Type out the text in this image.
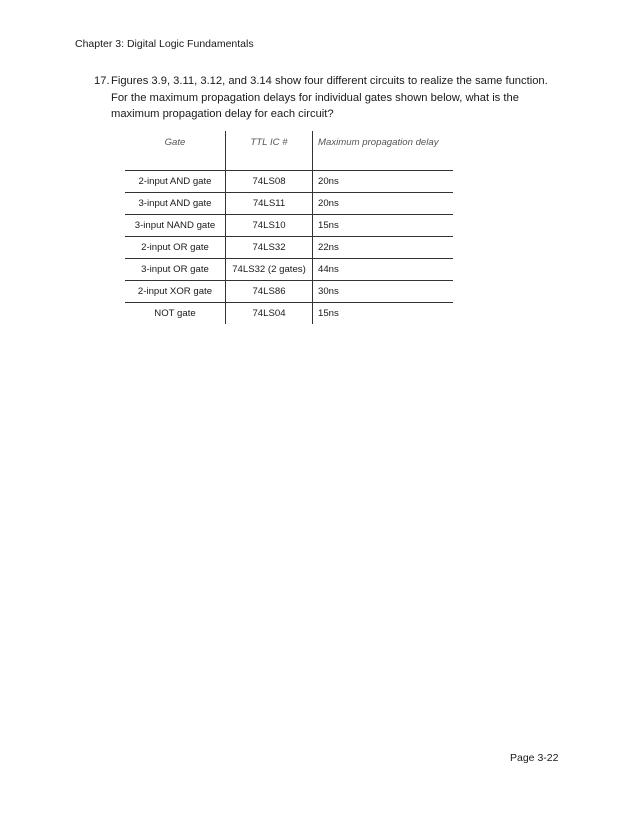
Chapter 3: Digital Logic Fundamentals
17. Figures 3.9, 3.11, 3.12, and 3.14 show four different circuits to realize the same function. For the maximum propagation delays for individual gates shown below, what is the maximum propagation delay for each circuit?
Gate	TTL IC #	Maximum propagation delay
2-input AND gate	74LS08	20ns
3-input AND gate	74LS11	20ns
3-input NAND gate	74LS10	15ns
2-input OR gate	74LS32	22ns
3-input OR gate	74LS32 (2 gates)	44ns
2-input XOR gate	74LS86	30ns
NOT gate	74LS04	15ns
Page 3-22
